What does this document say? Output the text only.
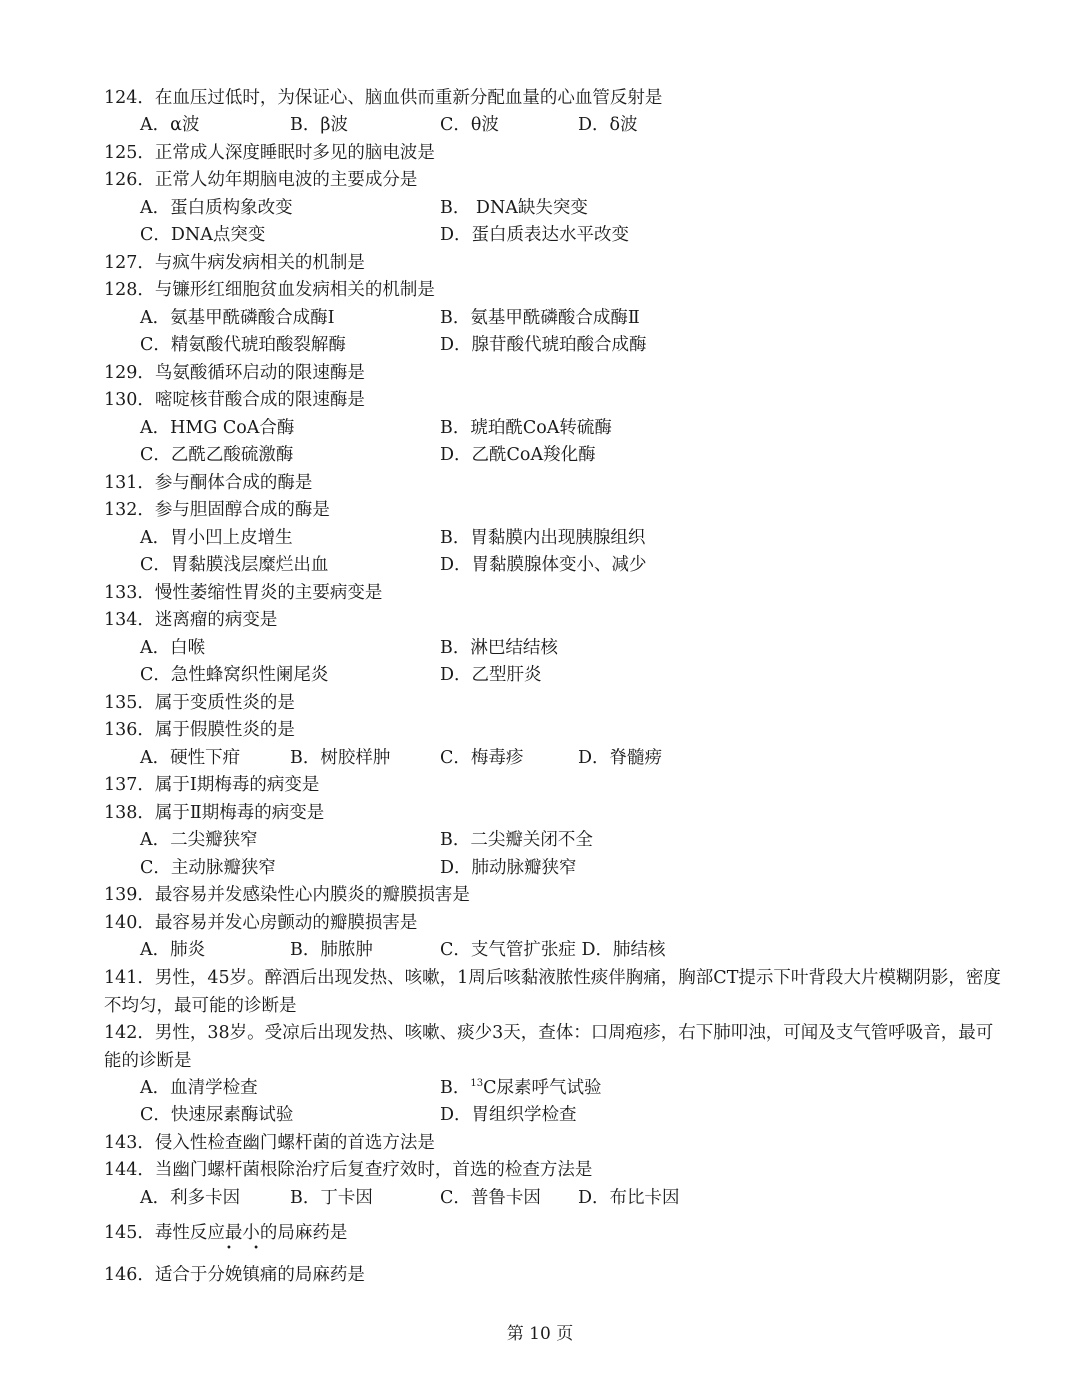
124．在血压过低时，为保证心、脑血供而重新分配血量的心血管反射是
A．α波	B．β波	C．θ波	D．δ波
125．正常成人深度睡眠时多见的脑电波是
126．正常人幼年期脑电波的主要成分是
A．蛋白质构象改变	B． DNA缺失突变
C．DNA点突变	D．蛋白质表达水平改变
127．与疯牛病发病相关的机制是
128．与镰形红细胞贫血发病相关的机制是
A．氨基甲酰磷酸合成酶Ⅰ	B．氨基甲酰磷酸合成酶Ⅱ
C．精氨酸代琥珀酸裂解酶	D．腺苷酸代琥珀酸合成酶
129．鸟氨酸循环启动的限速酶是
130．嘧啶核苷酸合成的限速酶是
A．HMG CoA合酶	B．琥珀酰CoA转硫酶
C．乙酰乙酸硫激酶	D．乙酰CoA羧化酶
131．参与酮体合成的酶是
132．参与胆固醇合成的酶是
A．胃小凹上皮增生	B．胃黏膜内出现胰腺组织
C．胃黏膜浅层糜烂出血	D．胃黏膜腺体变小、减少
133．慢性萎缩性胃炎的主要病变是
134．迷离瘤的病变是
A．白喉	B．淋巴结结核
C．急性蜂窝织性阑尾炎	D．乙型肝炎
135．属于变质性炎的是
136．属于假膜性炎的是
A．硬性下疳	B．树胶样肿	C．梅毒疹	D．脊髓痨
137．属于Ⅰ期梅毒的病变是
138．属于Ⅱ期梅毒的病变是
A．二尖瓣狭窄	B．二尖瓣关闭不全
C．主动脉瓣狭窄	D．肺动脉瓣狭窄
139．最容易并发感染性心内膜炎的瓣膜损害是
140．最容易并发心房颤动的瓣膜损害是
A．肺炎	B．肺脓肿	C．支气管扩张症 D．肺结核
141．男性，45岁。醉酒后出现发热、咳嗽，1周后咳黏液脓性痰伴胸痛，胸部CT提示下叶背段大片模糊阴影，密度不均匀，最可能的诊断是
142．男性，38岁。受凉后出现发热、咳嗽、痰少3天，查体：口周疱疹，右下肺叩浊，可闻及支气管呼吸音，最可能的诊断是
A．血清学检查	B．$^{13}$C尿素呼气试验
C．快速尿素酶试验	D．胃组织学检查
143．侵入性检查幽门螺杆菌的首选方法是
144．当幽门螺杆菌根除治疗后复查疗效时，首选的检查方法是
A．利多卡因	B．丁卡因	C．普鲁卡因 D．布比卡因
145．毒性反应最小的局麻药是
146．适合于分娩镇痛的局麻药是
• •
第 10 页
